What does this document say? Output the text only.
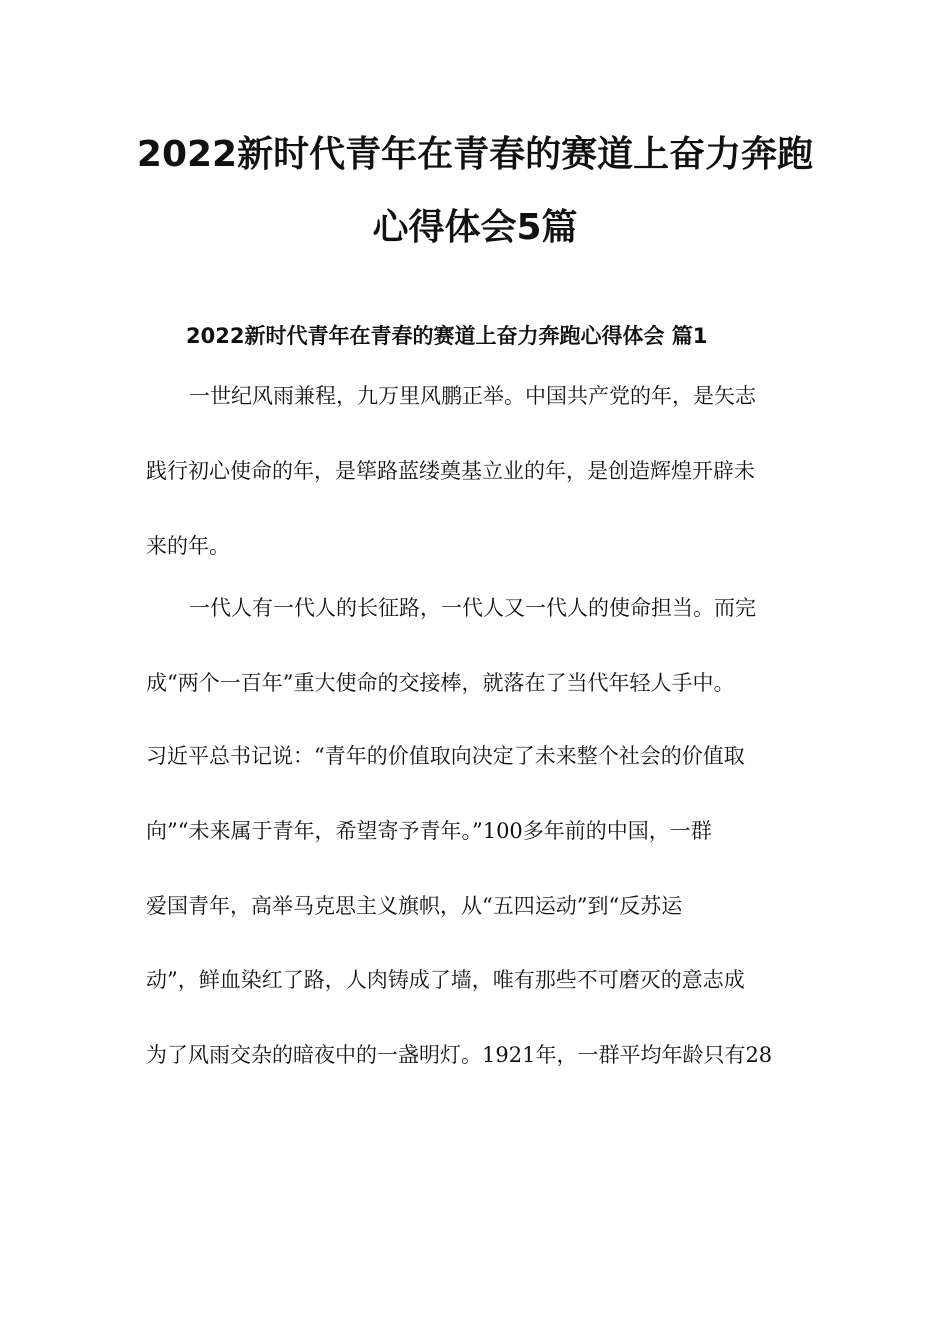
2022新时代青年在青春的赛道上奋力奔跑
心得体会5篇
2022新时代青年在青春的赛道上奋力奔跑心得体会 篇1

一世纪风雨兼程，九万里风鹏正举。中国共产党的年，是矢志

践行初心使命的年，是筚路蓝缕奠基立业的年，是创造辉煌开辟未

来的年。

一代人有一代人的长征路，一代人又一代人的使命担当。而完

成“两个一百年”重大使命的交接棒，就落在了当代年轻人手中。

习近平总书记说：“青年的价值取向决定了未来整个社会的价值取

向”“未来属于青年，希望寄予青年。”100多年前的中国，一群

爱国青年，高举马克思主义旗帜，从“五四运动”到“反苏运

动”，鲜血染红了路，人肉铸成了墙，唯有那些不可磨灭的意志成

为了风雨交杂的暗夜中的一盏明灯。1921年，一群平均年龄只有28
